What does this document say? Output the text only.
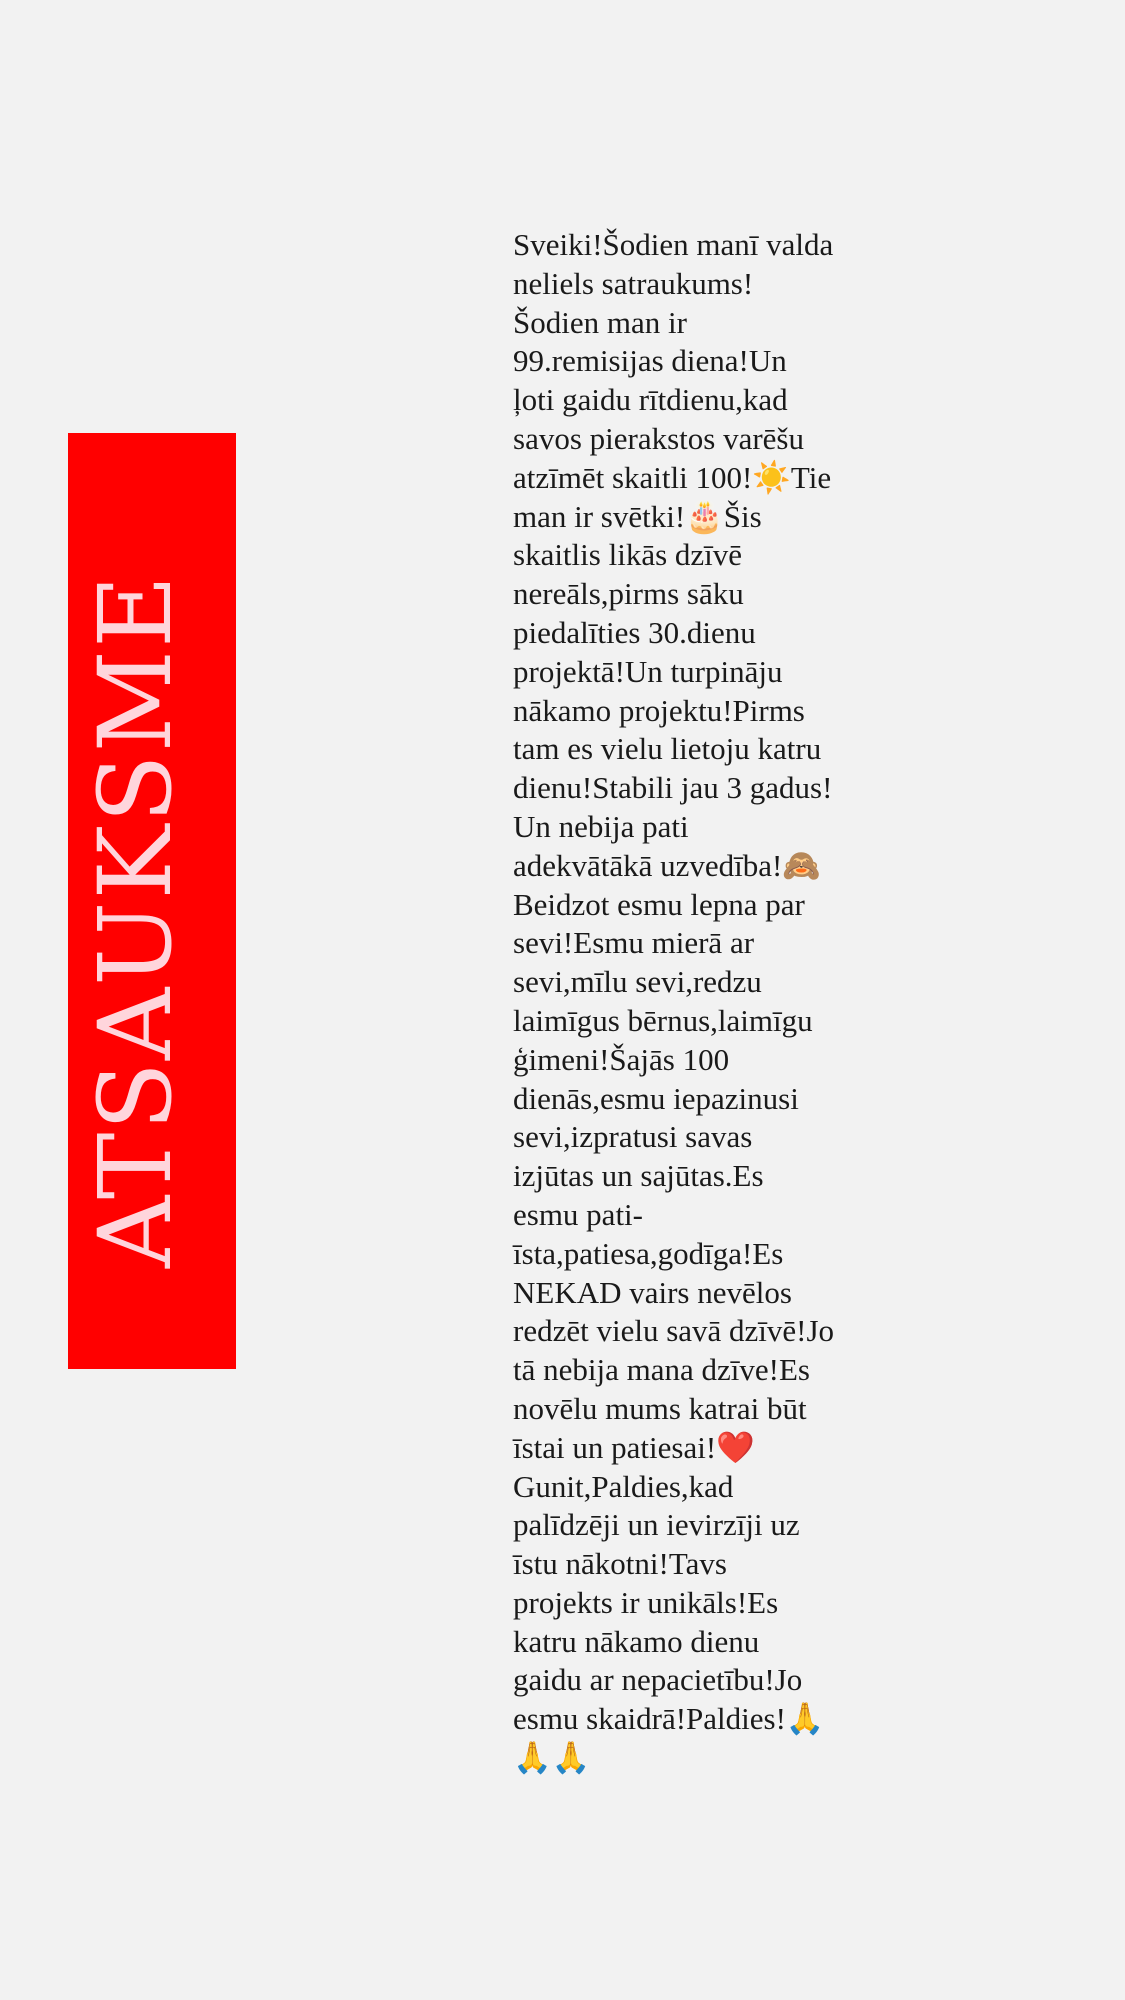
ATSAUKSME
Sveiki!Šodien manī valda
neliels satraukums!
Šodien man ir
99.remisijas diena!Un
ļoti gaidu rītdienu,kad
savos pierakstos varēšu
atzīmēt skaitli 100!☀️Tie
man ir svētki!🎂Šis
skaitlis likās dzīvē
nereāls,pirms sāku
piedalīties 30.dienu
projektā!Un turpināju
nākamo projektu!Pirms
tam es vielu lietoju katru
dienu!Stabili jau 3 gadus!
Un nebija pati
adekvātākā uzvedība!🙈
Beidzot esmu lepna par
sevi!Esmu mierā ar
sevi,mīlu sevi,redzu
laimīgus bērnus,laimīgu
ģimeni!Šajās 100
dienās,esmu iepazinusi
sevi,izpratusi savas
izjūtas un sajūtas.Es
esmu pati-
īsta,patiesa,godīga!Es
NEKAD vairs nevēlos
redzēt vielu savā dzīvē!Jo
tā nebija mana dzīve!Es
novēlu mums katrai būt
īstai un patiesai!❤️
Gunit,Paldies,kad
palīdzēji un ievirzīji uz
īstu nākotni!Tavs
projekts ir unikāls!Es
katru nākamo dienu
gaidu ar nepacietību!Jo
esmu skaidrā!Paldies!🙏
🙏🙏
